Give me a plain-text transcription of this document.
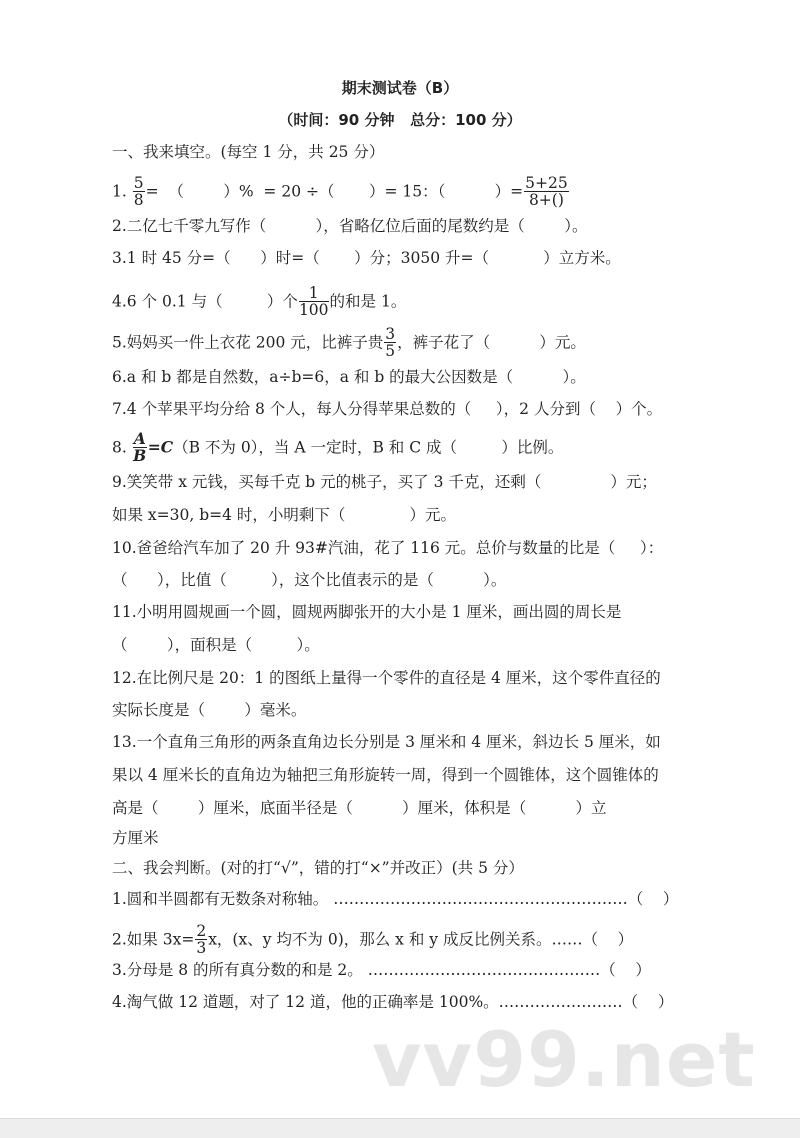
期末测试卷（B）
（时间：90 分钟   总分：100 分）
一、我来填空。(每空 1 分，共 25 分）
1. $\frac{5}{8}$ =  （        ）%  = 20 ÷（       ）= 15：（          ）= $\frac{5+25}{8+()}$
2.二亿七千零九写作（          ），省略亿位后面的尾数约是（        ）。
3.1 时 45 分=（      ）时=（       ）分；3050 升=（           ）立方米。
4.6 个 0.1 与（         ）个 $\frac{1}{100}$ 的和是 1。
5.妈妈买一件上衣花 200 元，比裤子贵 $\frac{3}{5}$ ，裤子花了（          ）元。
6.a 和 b 都是自然数，a÷b=6，a 和 b 的最大公因数是（          ）。
7.4 个苹果平均分给 8 个人，每人分得苹果总数的（     ），2 人分到（    ）个。
8. $\frac{A}{B} =C(B$ 不为 0），当 A 一定时，B 和 C 成（         ）比例。
9.笑笑带 x 元钱，买每千克 b 元的桃子，买了 3 千克，还剩（              ）元；
如果 x=30, b=4 时，小明剩下（             ）元。
10.爸爸给汽车加了 20 升 93#汽油，花了 116 元。总价与数量的比是（     ）：
（      ），比值（         ），这个比值表示的是（          ）。
11.小明用圆规画一个圆，圆规两脚张开的大小是 1 厘米，画出圆的周长是
（        ），面积是（         ）。
12.在比例尺是 20：1 的图纸上量得一个零件的直径是 4 厘米，这个零件直径的
实际长度是（        ）毫米。
13.一个直角三角形的两条直角边长分别是 3 厘米和 4 厘米，斜边长 5 厘米，如
果以 4 厘米长的直角边为轴把三角形旋转一周，得到一个圆锥体，这个圆锥体的
高是（        ）厘米，底面半径是（          ）厘米，体积是（          ）立
方厘米
二、我会判断。(对的打“√”，错的打“×”并改正）(共 5 分）
1.圆和半圆都有无数条对称轴。 …………………………………………………（    ）
2.如果 $3x= \frac{2}{3}$ x，(x、y 均不为 0)，那么 x 和 y 成反比例关系。……（    ）
3.分母是 8 的所有真分数的和是 2。 ………………………………………（    ）
4.淘气做 12 道题，对了 12 道，他的正确率是 100%。……………………（    ）
vv99.net
